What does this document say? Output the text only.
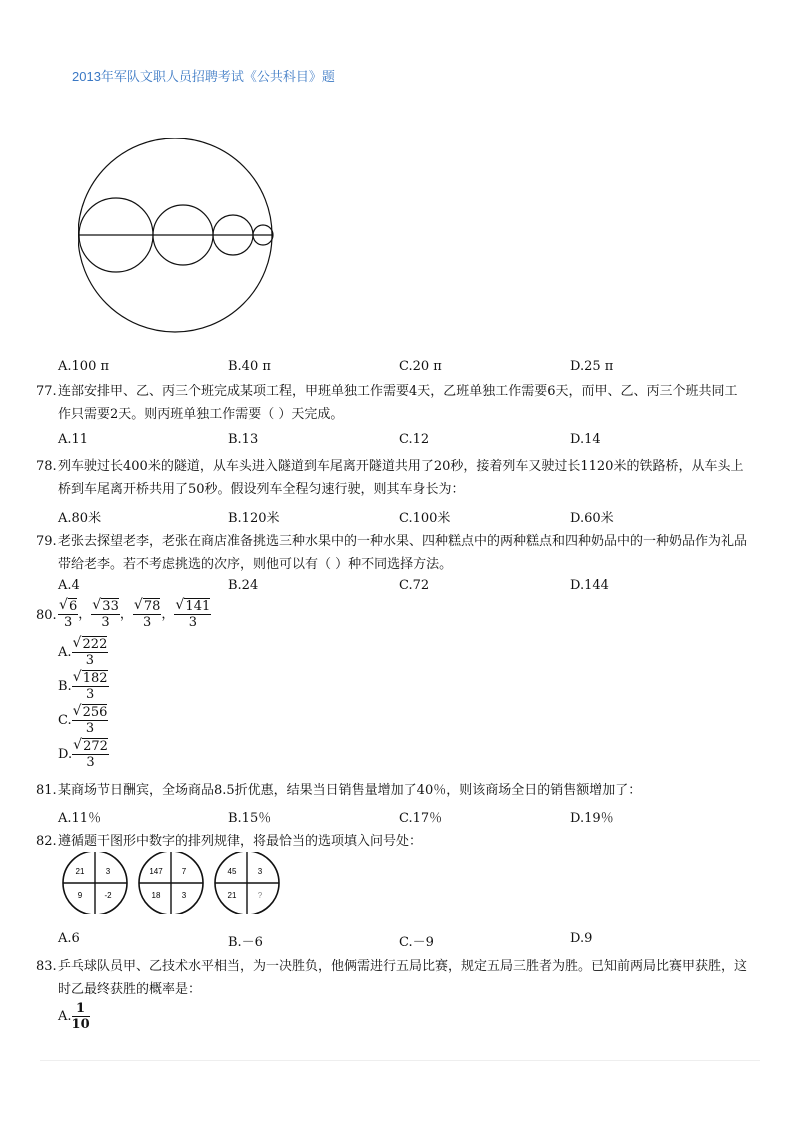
2013年军队文职人员招聘考试《公共科目》题
A.100 π	B.40 π	C.20 π	D.25 π
77. 连部安排甲、乙、丙三个班完成某项工程，甲班单独工作需要4天，乙班单独工作需要6天，而甲、乙、丙三个班共同工作只需要2天。则丙班单独工作需要（ ）天完成。
A.11	B.13	C.12	D.14
78. 列车驶过长400米的隧道，从车头进入隧道到车尾离开隧道共用了20秒，接着列车又驶过长1120米的铁路桥，从车头上桥到车尾离开桥共用了50秒。假设列车全程匀速行驶，则其车身长为：
A.80米	B.120米	C.100米	D.60米
79. 老张去探望老李，老张在商店准备挑选三种水果中的一种水果、四种糕点中的两种糕点和四种奶品中的一种奶品作为礼品带给老李。若不考虑挑选的次序，则他可以有（ ）种不同选择方法。
A.4	B.24	C.72	D.144
80. $\frac{√ 6}{3}$ ， $\frac{√ 33}{3}$ ， $\frac{√ 78}{3}$ ， $\frac{√ 141}{3}$
A. $\frac{√ 222}{3}$
B. $\frac{√ 182}{3}$
C. $\frac{√ 256}{3}$
D. $\frac{√ 272}{3}$
81. 某商场节日酬宾，全场商品8.5折优惠，结果当日销售量增加了40％，则该商场全日的销售额增加了：
A.11％	B.15％	C.17％	D.19％
82. 遵循题干图形中数字的排列规律，将最恰当的选项填入问号处：
21	3
9	-2
147 7
18	3
45	3
21	?
A.6	B.－6	C.－9	D.9
83. 乒乓球队员甲、乙技术水平相当，为一决胜负，他俩需进行五局比赛，规定五局三胜者为胜。已知前两局比赛甲获胜，这时乙最终获胜的概率是：
A. $\frac{1}{10}$
